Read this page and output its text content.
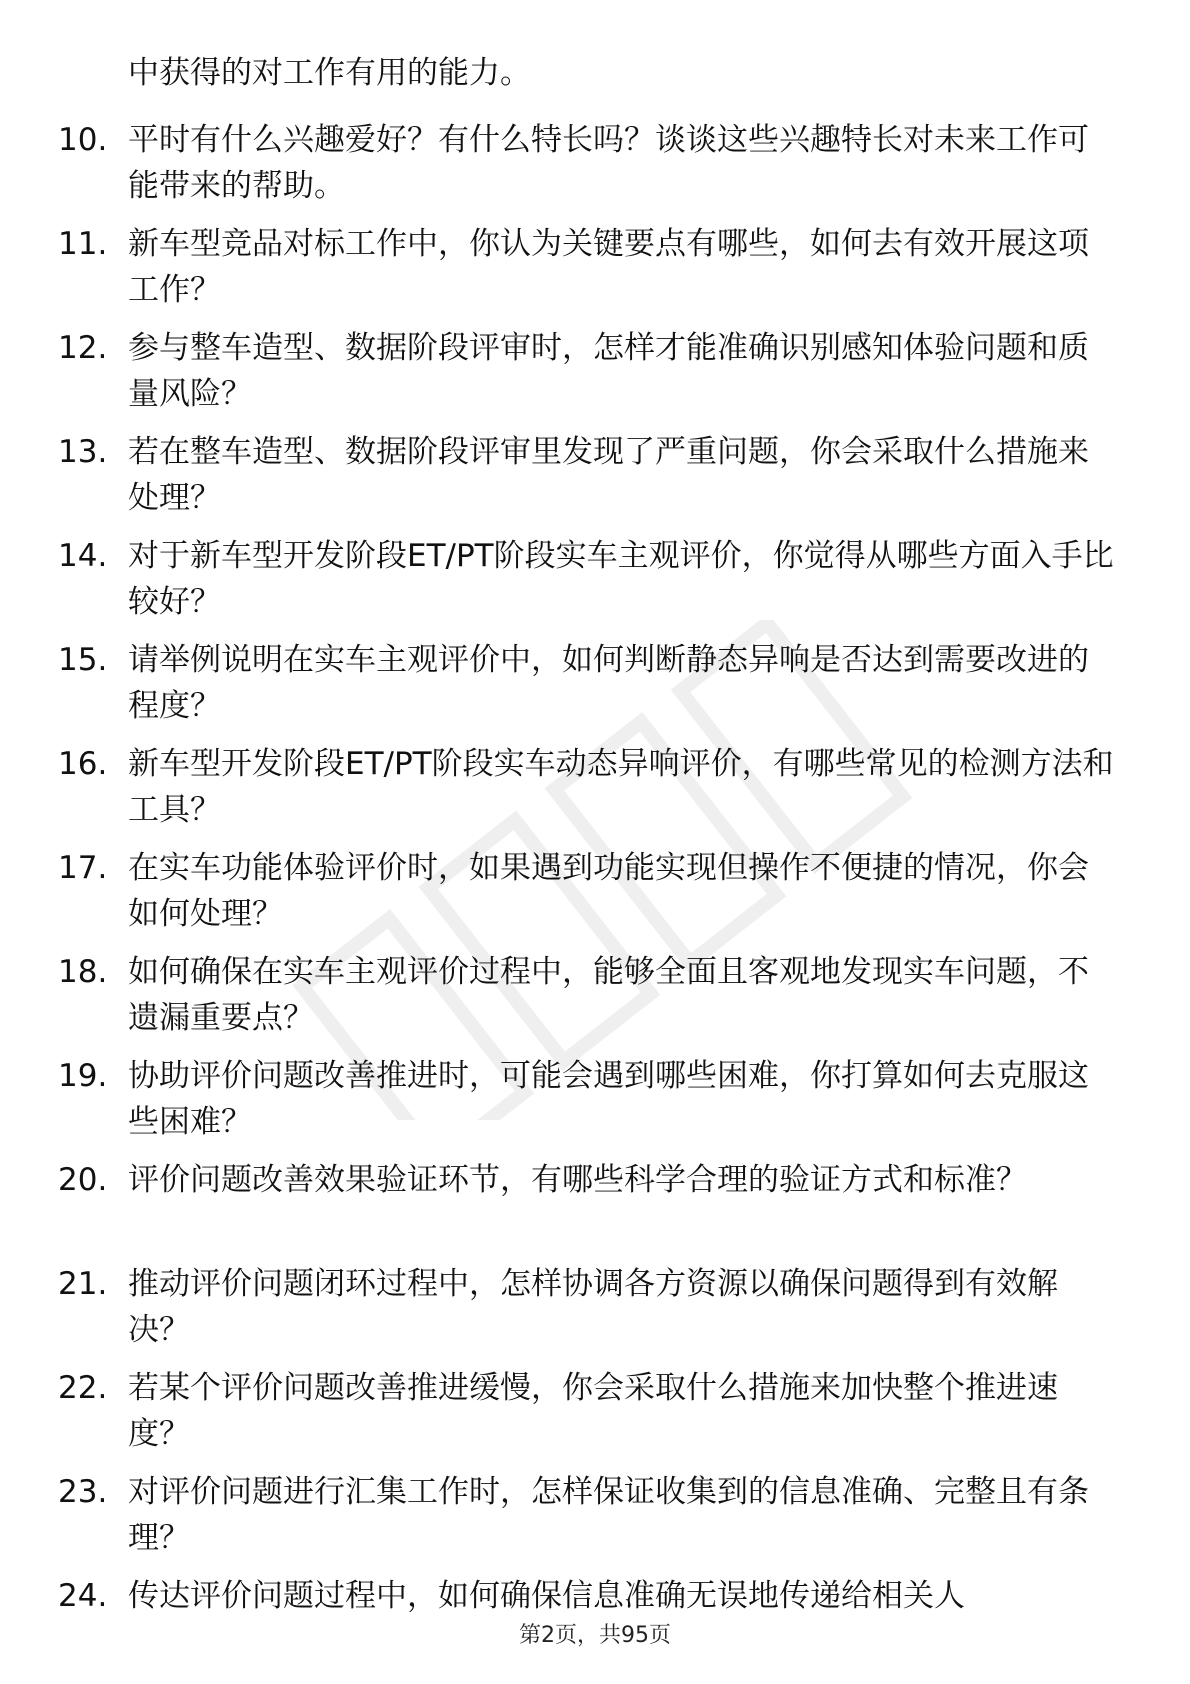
中获得的对工作有用的能力。
10. 平时有什么兴趣爱好？有什么特长吗？谈谈这些兴趣特长对未来工作可能带来的帮助。
11. 新车型竞品对标工作中，你认为关键要点有哪些，如何去有效开展这项工作？
12. 参与整车造型、数据阶段评审时，怎样才能准确识别感知体验问题和质量风险？
13. 若在整车造型、数据阶段评审里发现了严重问题，你会采取什么措施来处理？
14. 对于新车型开发阶段ET/PT阶段实车主观评价，你觉得从哪些方面入手比较好？
15. 请举例说明在实车主观评价中，如何判断静态异响是否达到需要改进的程度？
16. 新车型开发阶段ET/PT阶段实车动态异响评价，有哪些常见的检测方法和工具？
17. 在实车功能体验评价时，如果遇到功能实现但操作不便捷的情况，你会如何处理？
18. 如何确保在实车主观评价过程中，能够全面且客观地发现实车问题，不遗漏重要点？
19. 协助评价问题改善推进时，可能会遇到哪些困难，你打算如何去克服这些困难？
20. 评价问题改善效果验证环节，有哪些科学合理的验证方式和标准？
21. 推动评价问题闭环过程中，怎样协调各方资源以确保问题得到有效解决？
22. 若某个评价问题改善推进缓慢，你会采取什么措施来加快整个推进速度？
23. 对评价问题进行汇集工作时，怎样保证收集到的信息准确、完整且有条理？
24. 传达评价问题过程中，如何确保信息准确无误地传递给相关人
第2页，共95页
